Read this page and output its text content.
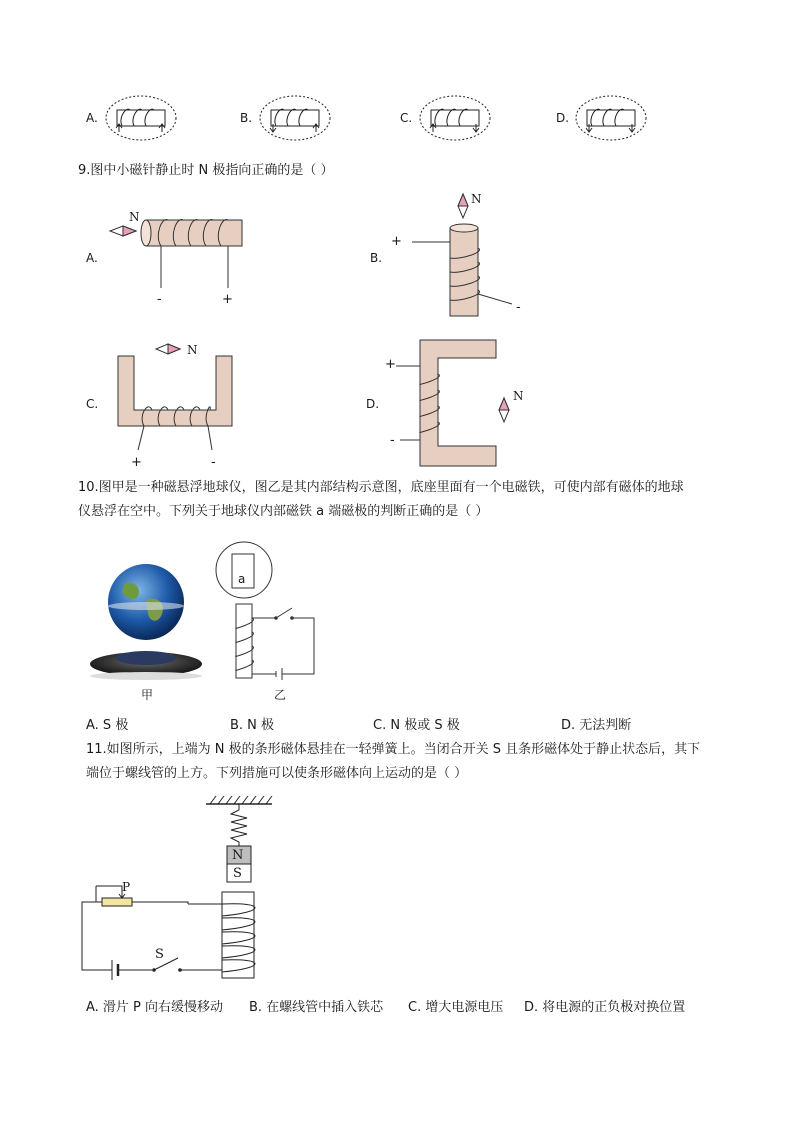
A.	B.	C.	D.
9.图中小磁针静止时 N 极指向正确的是（ ）
A.
N
-	+
B.
+
N
-
C.
N
+	-
D.
+
-
N
10.图甲是一种磁悬浮地球仪，图乙是其内部结构示意图，底座里面有一个电磁铁，可使内部有磁体的地球
仪悬浮在空中。下列关于地球仪内部磁铁 a 端磁极的判断正确的是（ ）
甲
a
乙
A. S 极	B. N 极	C. N 极或 S 极	D. 无法判断
11.如图所示，上端为 N 极的条形磁体悬挂在一轻弹簧上。当闭合开关 S 且条形磁体处于静止状态后，其下
端位于螺线管的上方。下列措施可以使条形磁体向上运动的是（ ）
N
S
P
S
A. 滑片 P 向右缓慢移动 B. 在螺线管中插入铁芯 C. 增大电源电压 D. 将电源的正负极对换位置
